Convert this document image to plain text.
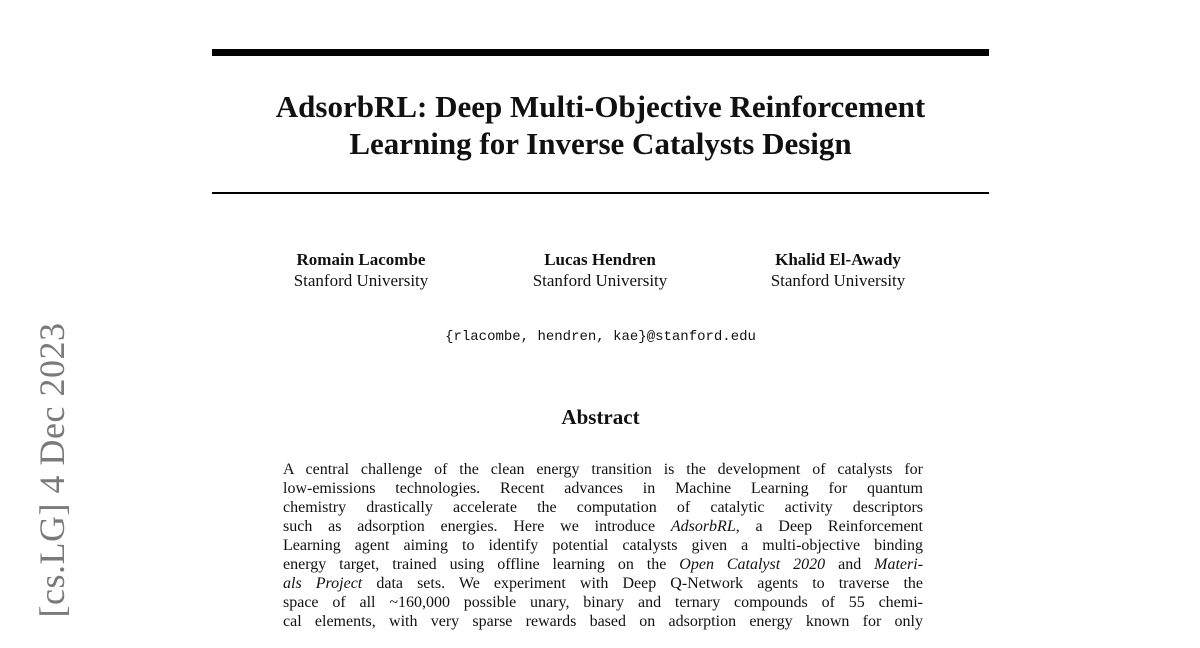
AdsorbRL: Deep Multi-Objective Reinforcement
Learning for Inverse Catalysts Design
Romain Lacombe
Stanford University
Lucas Hendren
Stanford University
Khalid El-Awady
Stanford University
{rlacombe, hendren, kae}@stanford.edu
Abstract
A central challenge of the clean energy transition is the development of catalysts for
low-emissions technologies. Recent advances in Machine Learning for quantum
chemistry drastically accelerate the computation of catalytic activity descriptors
such as adsorption energies. Here we introduce AdsorbRL, a Deep Reinforcement
Learning agent aiming to identify potential catalysts given a multi-objective binding
energy target, trained using offline learning on the Open Catalyst 2020 and Materi-
als Project data sets. We experiment with Deep Q-Network agents to traverse the
space of all ~160,000 possible unary, binary and ternary compounds of 55 chemi-
cal elements, with very sparse rewards based on adsorption energy known for only
[cs.LG] 4 Dec 2023
